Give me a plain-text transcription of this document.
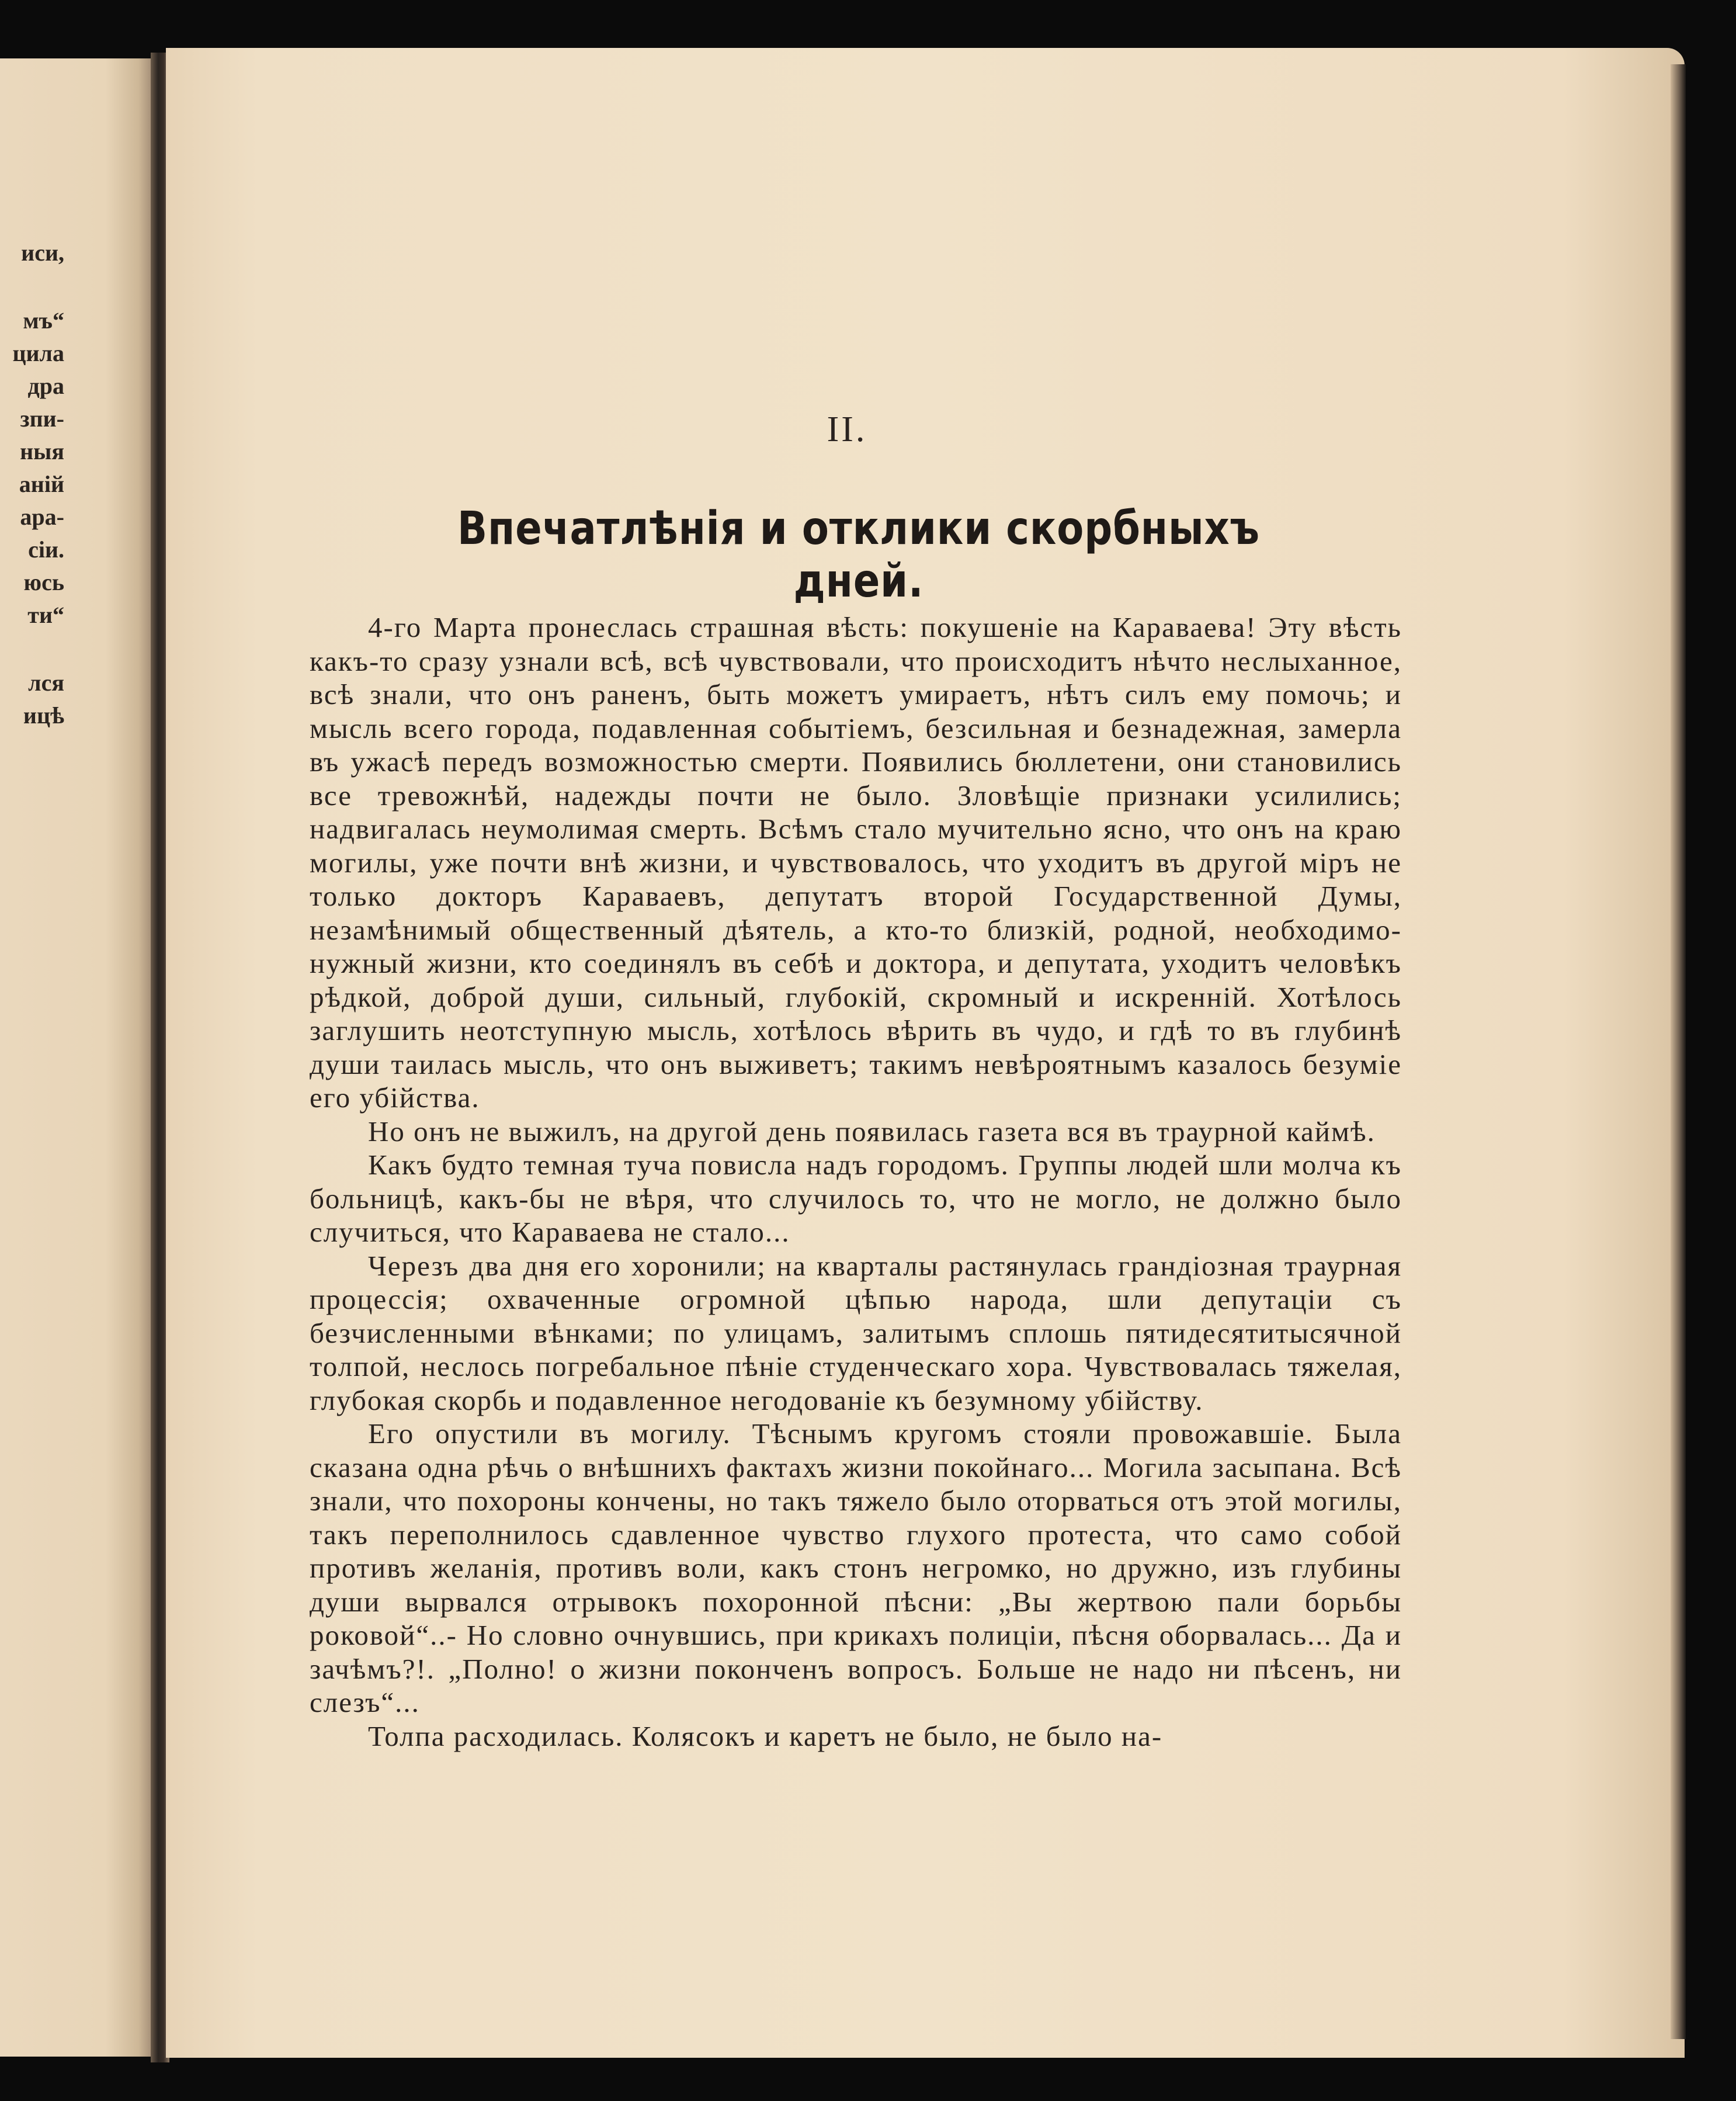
иси,
мъ“
цила
дра
зпи-
ныя
аній
ара-
сіи.
юсь
ти“
лся
ицѣ
II.
Впечатлѣнія и отклики скорбныхъ дней.

4-го Марта пронеслась страшная вѣсть: покушеніе на Караваева! Эту вѣсть какъ-то сразу узнали всѣ, всѣ чувствовали, что происходитъ нѣчто неслыханное, всѣ знали, что онъ раненъ, быть можетъ умираетъ, нѣтъ силъ ему помочь; и мысль всего города, подавленная событіемъ, безсильная и безнадежная, замерла въ ужасѣ передъ возможностью смерти. Появились бюллетени, они становились все тревожнѣй, надежды почти не было. Зловѣщіе признаки усилились; надвигалась неумолимая смерть. Всѣмъ стало мучительно ясно, что онъ на краю могилы, уже почти внѣ жизни, и чувствовалось, что уходитъ въ другой міръ не только докторъ Караваевъ, депутатъ второй Государственной Думы, незамѣнимый общественный дѣятель, а кто-то близкій, родной, необходимо-нужный жизни, кто соединялъ въ себѣ и доктора, и депутата, уходитъ человѣкъ рѣдкой, доброй души, сильный, глубокій, скромный и искренній. Хотѣлось заглушить неотступную мысль, хотѣлось вѣрить въ чудо, и гдѣ то въ глубинѣ души таилась мысль, что онъ выживетъ; такимъ невѣроятнымъ казалось безуміе его убійства.

Но онъ не выжилъ, на другой день появилась газета вся въ траурной каймѣ.

Какъ будто темная туча повисла надъ городомъ. Группы людей шли молча къ больницѣ, какъ-бы не вѣря, что случилось то, что не могло, не должно было случиться, что Караваева не стало...

Черезъ два дня его хоронили; на кварталы растянулась грандіозная траурная процессія; охваченные огромной цѣпью народа, шли депутаціи съ безчисленными вѣнками; по улицамъ, залитымъ сплошь пятидесятитысячной толпой, неслось погребальное пѣніе студенческаго хора. Чувствовалась тяжелая, глубокая скорбь и подавленное негодованіе къ безумному убійству.

Его опустили въ могилу. Тѣснымъ кругомъ стояли провожавшіе. Была сказана одна рѣчь о внѣшнихъ фактахъ жизни покойнаго... Могила засыпана. Всѣ знали, что похороны кончены, но такъ тяжело было оторваться отъ этой могилы, такъ переполнилось сдавленное чувство глухого протеста, что само собой противъ желанія, противъ воли, какъ стонъ негромко, но дружно, изъ глубины души вырвался отрывокъ похоронной пѣсни: „Вы жертвою пали борьбы роковой“..- Но словно очнувшись, при крикахъ полиціи, пѣсня оборвалась... Да и зачѣмъ?!. „Полно! о жизни поконченъ вопросъ. Больше не надо ни пѣсенъ, ни слезъ“...

Толпа расходилась. Колясокъ и каретъ не было, не было на-
